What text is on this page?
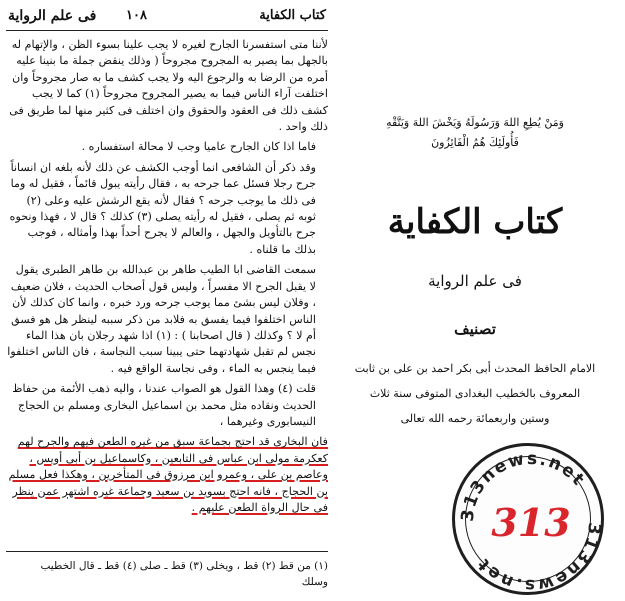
كتاب الكفاية
١٠٨
فى علم الرواية

لأننا متى استفسرنا الجارح لغيره لا يجب علينا بسوء الظن ، والإتهام له بالجهل بما يصير به المجروح مجروحاً ( وذلك ينقض جملة ما بنينا عليه أمره من الرضا به والرجوع اليه ولا يجب كشف ما به صار مجروحاً وان اختلفت آراء الناس فيما به يصير المجروح مجروحاً (١) كما لا يجب كشف ذلك فى العقود والحقوق وان اختلف فى كثير منها لما طريق فى ذلك واحد .

فاما اذا كان الجارح عاميا وجب لا محالة استفساره .

وقد ذكر أن الشافعى انما أوجب الكشف عن ذلك لأنه بلغه ان انساناً جرح رجلا فسئل عما جرحه به ، فقال رأيته يبول قائماً ، فقيل له وما فى ذلك ما يوجب جرحه ؟ فقال لأنه يقع الرشش عليه وعلى (٢) ثوبه ثم يصلى ، فقيل له رأيته يصلى (٣) كذلك ؟ قال لا ، فهذا ونحوه جرح بالتأويل والجهل ، والعالم لا يجرح أحداً بهذا وأمثاله ، فوجب بذلك ما قلناه .

سمعت القاضى ابا الطيب طاهر بن عبدالله بن طاهر الطبرى يقول لا يقبل الجرح الا مفسراً ، وليس قول أصحاب الحديث ، فلان ضعيف ، وفلان ليس بشئ مما يوجب جرحه ورد خبره ، وانما كان كذلك لأن الناس اختلفوا فيما يفسق به فلابد من ذكر سببه لينظر هل هو فسق أم لا ؟ وكذلك ( قال اصحابنا ) : (١) اذا شهد رجلان بان هذا الماء نجس لم تقبل شهادتهما حتى يبينا سبب النجاسة ، فان الناس اختلفوا فيما ينجس به الماء ، وفى نجاسة الواقع فيه .

قلت (٤) وهذا القول هو الصواب عندنا ، واليه ذهب الأئمة من حفاظ الحديث ونقاده مثل محمد بن اسماعيل البخارى ومسلم بن الحجاج النيسابورى وغيرهما ،

فان البخارى قد احتج بجماعة سبق من غيره الطعن فيهم والجرح لهم كعكرمة مولى ابن عباس فى التابعين ، وكاسماعيل بن أبى أويس ، وعاصم بن على ، وعمرو ابن مرزوق فى المتأخرين ، وهكذا فعل مسلم بن الحجاج ، فانه احتج بسويد بن سعيد وجماعة غيره اشتهر عمن ينظر فى حال الرواة الطعن عليهم .

(١) من قط (٢) قط ، ويخلى (٣) قط ـ صلى (٤) قط ـ قال الخطيب
وسلك
وَمَنْ يُطِعِ اللهَ وَرَسُولَهُ وَيَخْشَ اللهَ وَيَتَّقْهِ
فَأُولَئِكَ هُمُ الْفَائِزُونَ
كتاب الكفاية
فى علم الرواية
تصنيف
الامام الحافظ المحدث أبى بكر احمد بن على بن ثابت
المعروف بالخطيب البغدادى المتوفى سنة ثلاث
وستين واربعمائة رحمه الله تعالى
313news.net
313news.net
313
